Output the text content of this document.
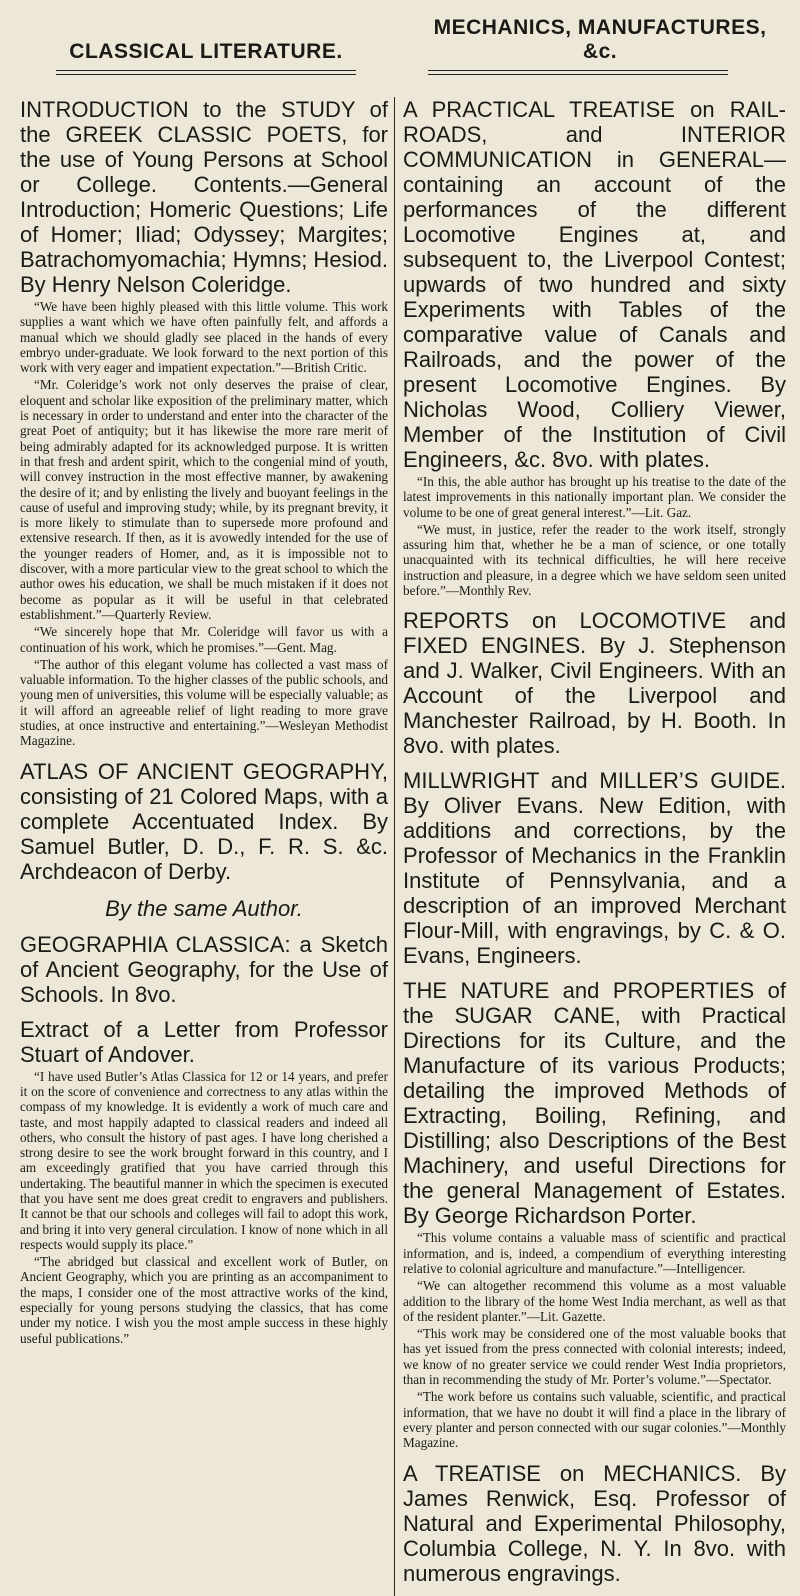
CLASSICAL LITERATURE.
MECHANICS, MANUFACTURES, &c.

INTRODUCTION to the STUDY of the GREEK CLASSIC POETS, for the use of Young Persons at School or College. Contents.—General Introduction; Homeric Questions; Life of Homer; Iliad; Odyssey; Margites; Batrachomyomachia; Hymns; Hesiod. By Henry Nelson Coleridge.

“We have been highly pleased with this little volume. This work supplies a want which we have often painfully felt, and affords a manual which we should gladly see placed in the hands of every embryo under-graduate. We look forward to the next portion of this work with very eager and impatient expectation.”—British Critic.

“Mr. Coleridge’s work not only deserves the praise of clear, eloquent and scholar like exposition of the preliminary matter, which is necessary in order to understand and enter into the character of the great Poet of antiquity; but it has likewise the more rare merit of being admirably adapted for its acknowledged purpose. It is written in that fresh and ardent spirit, which to the congenial mind of youth, will convey instruction in the most effective manner, by awakening the desire of it; and by enlisting the lively and buoyant feelings in the cause of useful and improving study; while, by its pregnant brevity, it is more likely to stimulate than to supersede more profound and extensive research. If then, as it is avowedly intended for the use of the younger readers of Homer, and, as it is impossible not to discover, with a more particular view to the great school to which the author owes his education, we shall be much mistaken if it does not become as popular as it will be useful in that celebrated establishment.”—Quarterly Review.

“We sincerely hope that Mr. Coleridge will favor us with a continuation of his work, which he promises.”—Gent. Mag.

“The author of this elegant volume has collected a vast mass of valuable information. To the higher classes of the public schools, and young men of universities, this volume will be especially valuable; as it will afford an agreeable relief of light reading to more grave studies, at once instructive and entertaining.”—Wesleyan Methodist Magazine.

ATLAS OF ANCIENT GEOGRAPHY, consisting of 21 Colored Maps, with a complete Accentuated Index. By Samuel Butler, D. D., F. R. S. &c. Archdeacon of Derby.

By the same Author.

GEOGRAPHIA CLASSICA: a Sketch of Ancient Geography, for the Use of Schools. In 8vo.

Extract of a Letter from Professor Stuart of Andover.

“I have used Butler’s Atlas Classica for 12 or 14 years, and prefer it on the score of convenience and correctness to any atlas within the compass of my knowledge. It is evidently a work of much care and taste, and most happily adapted to classical readers and indeed all others, who consult the history of past ages. I have long cherished a strong desire to see the work brought forward in this country, and I am exceedingly gratified that you have carried through this undertaking. The beautiful manner in which the specimen is executed that you have sent me does great credit to engravers and publishers. It cannot be that our schools and colleges will fail to adopt this work, and bring it into very general circulation. I know of none which in all respects would supply its place.”

“The abridged but classical and excellent work of Butler, on Ancient Geography, which you are printing as an accompaniment to the maps, I consider one of the most attractive works of the kind, especially for young persons studying the classics, that has come under my notice. I wish you the most ample success in these highly useful publications.”

A PRACTICAL TREATISE on RAIL-ROADS, and INTERIOR COMMUNICATION in GENERAL—containing an account of the performances of the different Locomotive Engines at, and subsequent to, the Liverpool Contest; upwards of two hundred and sixty Experiments with Tables of the comparative value of Canals and Railroads, and the power of the present Locomotive Engines. By Nicholas Wood, Colliery Viewer, Member of the Institution of Civil Engineers, &c. 8vo. with plates.

“In this, the able author has brought up his treatise to the date of the latest improvements in this nationally important plan. We consider the volume to be one of great general interest.”—Lit. Gaz.

“We must, in justice, refer the reader to the work itself, strongly assuring him that, whether he be a man of science, or one totally unacquainted with its technical difficulties, he will here receive instruction and pleasure, in a degree which we have seldom seen united before.”—Monthly Rev.

REPORTS on LOCOMOTIVE and FIXED ENGINES. By J. Stephenson and J. Walker, Civil Engineers. With an Account of the Liverpool and Manchester Railroad, by H. Booth. In 8vo. with plates.

MILLWRIGHT and MILLER’S GUIDE. By Oliver Evans. New Edition, with additions and corrections, by the Professor of Mechanics in the Franklin Institute of Pennsylvania, and a description of an improved Merchant Flour-Mill, with engravings, by C. & O. Evans, Engineers.

THE NATURE and PROPERTIES of the SUGAR CANE, with Practical Directions for its Culture, and the Manufacture of its various Products; detailing the improved Methods of Extracting, Boiling, Refining, and Distilling; also Descriptions of the Best Machinery, and useful Directions for the general Management of Estates. By George Richardson Porter.

“This volume contains a valuable mass of scientific and practical information, and is, indeed, a compendium of everything interesting relative to colonial agriculture and manufacture.”—Intelligencer.

“We can altogether recommend this volume as a most valuable addition to the library of the home West India merchant, as well as that of the resident planter.”—Lit. Gazette.

“This work may be considered one of the most valuable books that has yet issued from the press connected with colonial interests; indeed, we know of no greater service we could render West India proprietors, than in recommending the study of Mr. Porter’s volume.”—Spectator.

“The work before us contains such valuable, scientific, and practical information, that we have no doubt it will find a place in the library of every planter and person connected with our sugar colonies.”—Monthly Magazine.

A TREATISE on MECHANICS. By James Renwick, Esq. Professor of Natural and Experimental Philosophy, Columbia College, N. Y. In 8vo. with numerous engravings.
